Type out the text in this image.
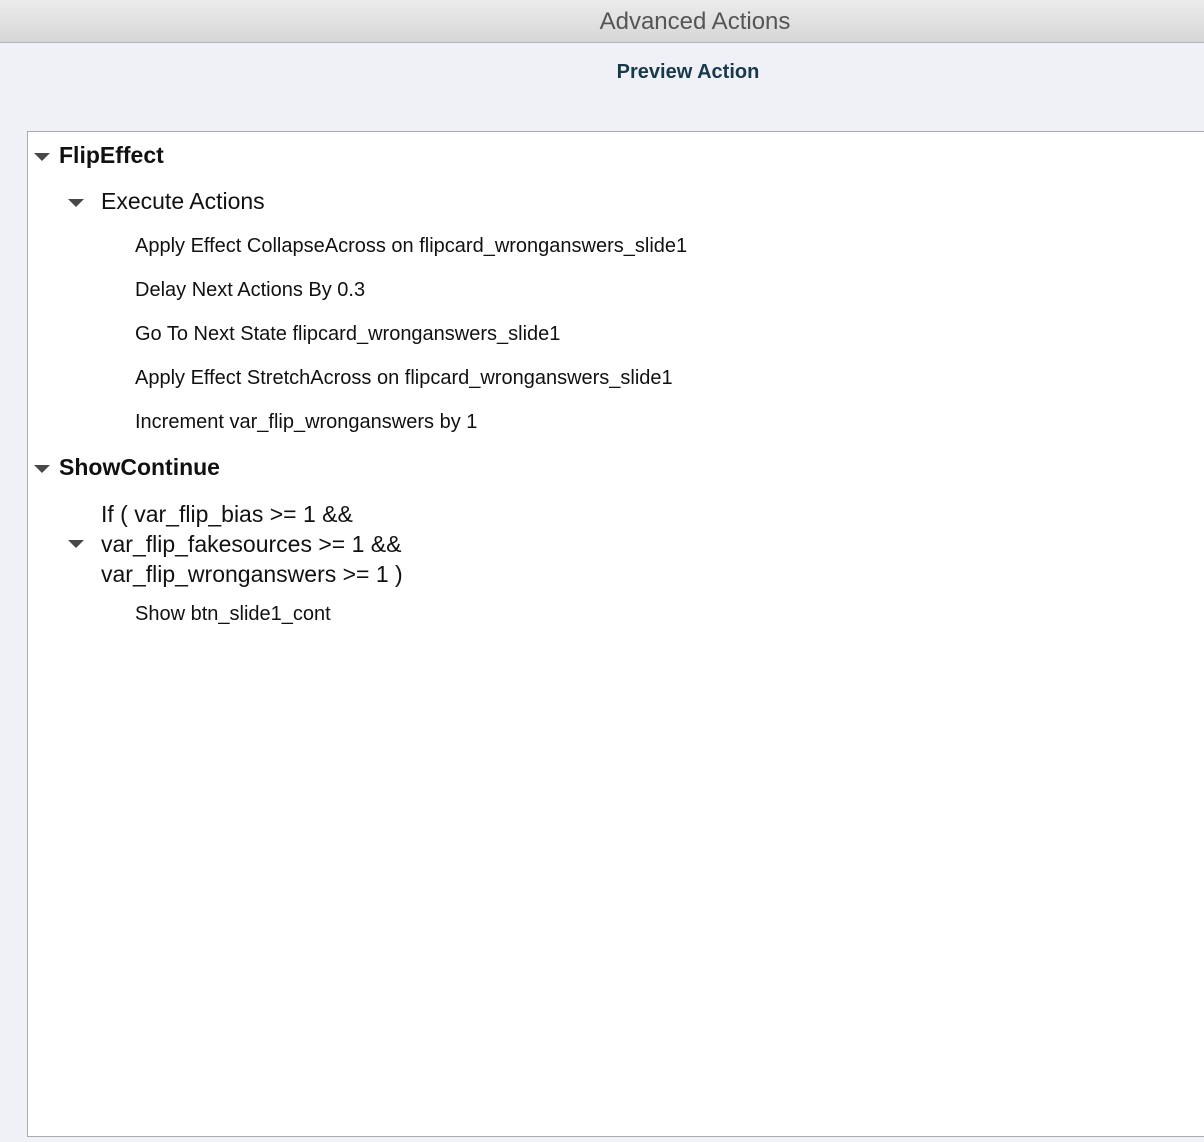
Advanced Actions
Preview Action
FlipEffect
Execute Actions
Apply Effect CollapseAcross on flipcard_wronganswers_slide1
Delay Next Actions By 0.3
Go To Next State flipcard_wronganswers_slide1
Apply Effect StretchAcross on flipcard_wronganswers_slide1
Increment var_flip_wronganswers by 1
ShowContinue
If ( var_flip_bias >= 1 &&
var_flip_fakesources >= 1 &&
var_flip_wronganswers >= 1 )
Show btn_slide1_cont
